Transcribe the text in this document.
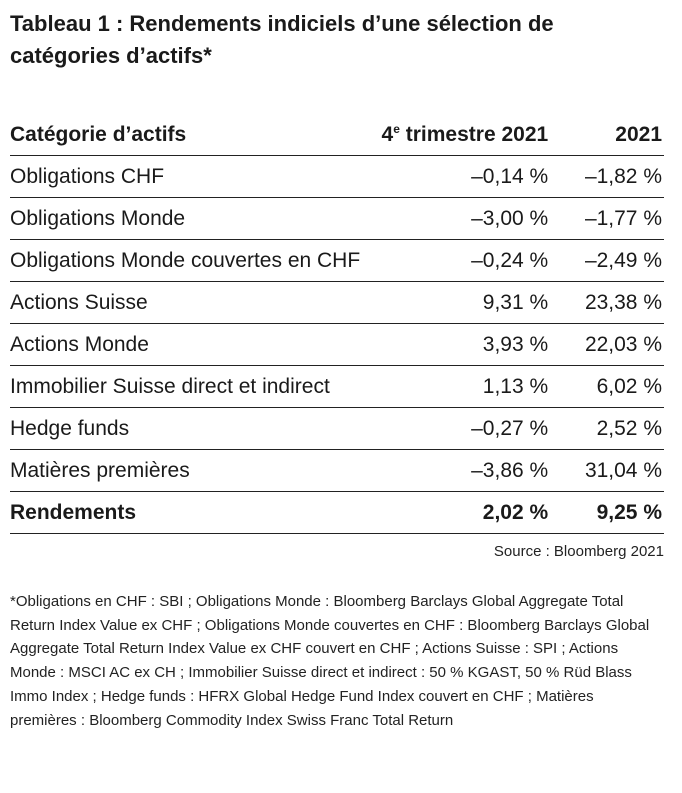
Tableau 1 : Rendements indiciels d’une sélection de catégories d’actifs*
Catégorie d’actifs	4e trimestre 2021	2021
Obligations CHF	–0,14 %	–1,82 %
Obligations Monde	–3,00 %	–1,77 %
Obligations Monde couvertes en CHF	–0,24 %	–2,49 %
Actions Suisse	9,31 %	23,38 %
Actions Monde	3,93 %	22,03 %
Immobilier Suisse direct et indirect	1,13 %	6,02 %
Hedge funds	–0,27 %	2,52 %
Matières premières	–3,86 %	31,04 %
Rendements	2,02 %	9,25 %
Source : Bloomberg 2021

*Obligations en CHF : SBI ; Obligations Monde : Bloomberg Barclays Global Aggregate Total Return Index Value ex CHF ; Obligations Monde couvertes en CHF : Bloomberg Barclays Global Aggregate Total Return Index Value ex CHF couvert en CHF ; Actions Suisse : SPI ; Actions Monde : MSCI AC ex CH ; Immobilier Suisse direct et indirect : 50 % KGAST, 50 % Rüd Blass Immo Index ; Hedge funds : HFRX Global Hedge Fund Index couvert en CHF ; Matières premières : Bloomberg Commodity Index Swiss Franc Total Return
